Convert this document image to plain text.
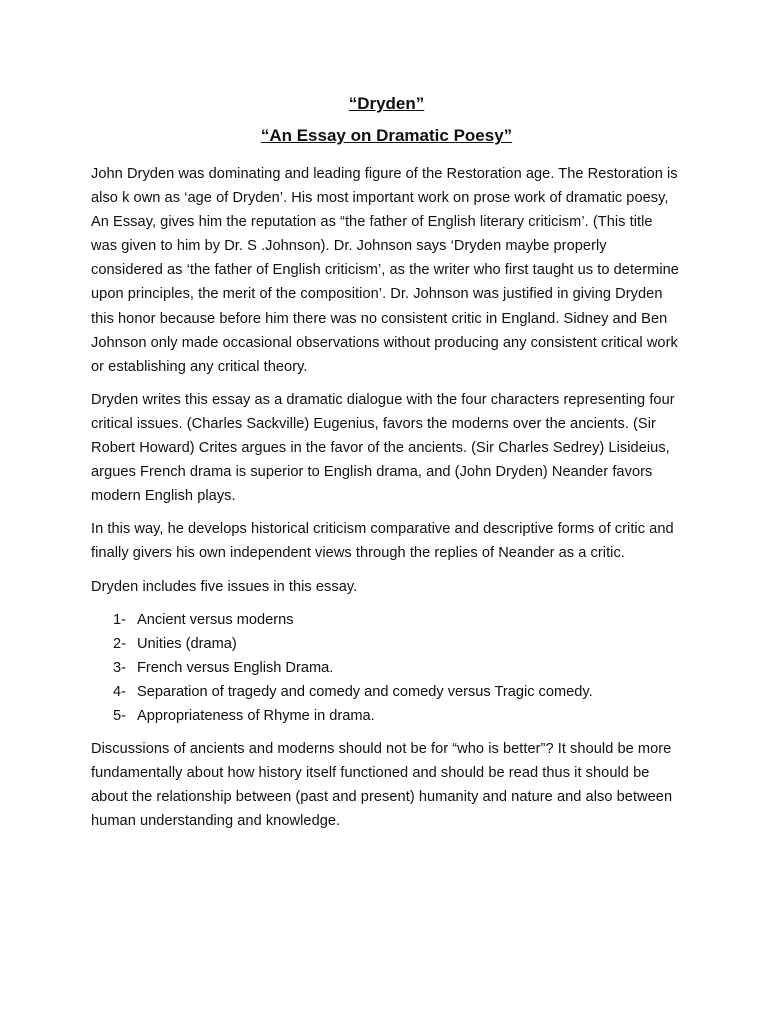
“Dryden”
“An Essay on Dramatic Poesy”

John Dryden was dominating and leading figure of the Restoration age. The Restoration is also k own as ‘age of Dryden’. His most important work on prose work of dramatic poesy, An Essay, gives him the reputation as “the father of English literary criticism’. (This title was given to him by Dr. S .Johnson). Dr. Johnson says ‘Dryden maybe properly considered as ‘the father of English criticism’, as the writer who first taught us to determine upon principles, the merit of the composition’. Dr. Johnson was justified in giving Dryden this honor because before him there was no consistent critic in England. Sidney and Ben Johnson only made occasional observations without producing any consistent critical work or establishing any critical theory.

Dryden writes this essay as a dramatic dialogue with the four characters representing four critical issues. (Charles Sackville) Eugenius, favors the moderns over the ancients. (Sir Robert Howard) Crites argues in the favor of the ancients. (Sir Charles Sedrey) Lisideius, argues French drama is superior to English drama, and (John Dryden) Neander favors modern English plays.

In this way, he develops historical criticism comparative and descriptive forms of critic and finally givers his own independent views through the replies of Neander as a critic.

Dryden includes five issues in this essay.

1- Ancient versus moderns
2- Unities (drama)
3- French versus English Drama.
4- Separation of tragedy and comedy and comedy versus Tragic comedy.
5- Appropriateness of Rhyme in drama.

Discussions of ancients and moderns should not be for “who is better”? It should be more fundamentally about how history itself functioned and should be read thus it should be about the relationship between (past and present) humanity and nature and also between human understanding and knowledge.
